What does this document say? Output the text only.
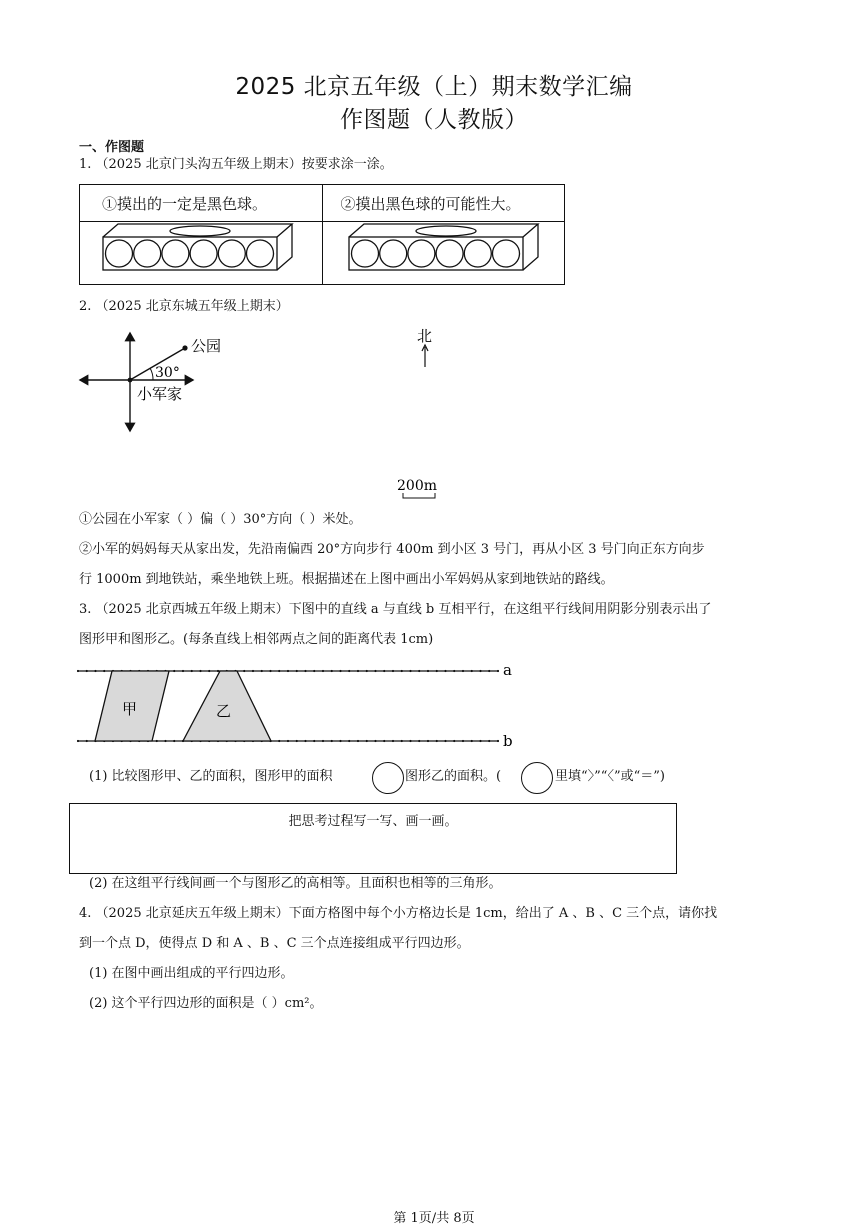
2025 北京五年级（上）期末数学汇编
作图题（人教版）
一、作图题
1. （2025 北京门头沟五年级上期末）按要求涂一涂。
①摸出的一定是黑色球。	②摸出黑色球的可能性大。

2. （2025 北京东城五年级上期末）
公园
30°
小军家
北
200m
①公园在小军家（ ）偏（ ）30°方向（ ）米处。
②小军的妈妈每天从家出发，先沿南偏西 20°方向步行 400m 到小区 3 号门，再从小区 3 号门向正东方向步
行 1000m 到地铁站，乘坐地铁上班。根据描述在上图中画出小军妈妈从家到地铁站的路线。
3. （2025 北京西城五年级上期末）下图中的直线 a 与直线 b 互相平行，在这组平行线间用阴影分别表示出了
图形甲和图形乙。(每条直线上相邻两点之间的距离代表 1cm)
甲	乙
a
b
(1) 比较图形甲、乙的面积，图形甲的面积	图形乙的面积。(	里填“〉”“〈”或“＝”)
把思考过程写一写、画一画。
(2) 在这组平行线间画一个与图形乙的高相等。且面积也相等的三角形。
4. （2025 北京延庆五年级上期末）下面方格图中每个小方格边长是 1cm，给出了 A 、B 、C 三个点，请你找
到一个点 D，使得点 D 和 A 、B 、C 三个点连接组成平行四边形。
(1) 在图中画出组成的平行四边形。
(2) 这个平行四边形的面积是（ ）cm²。
第 1页/共 8页
